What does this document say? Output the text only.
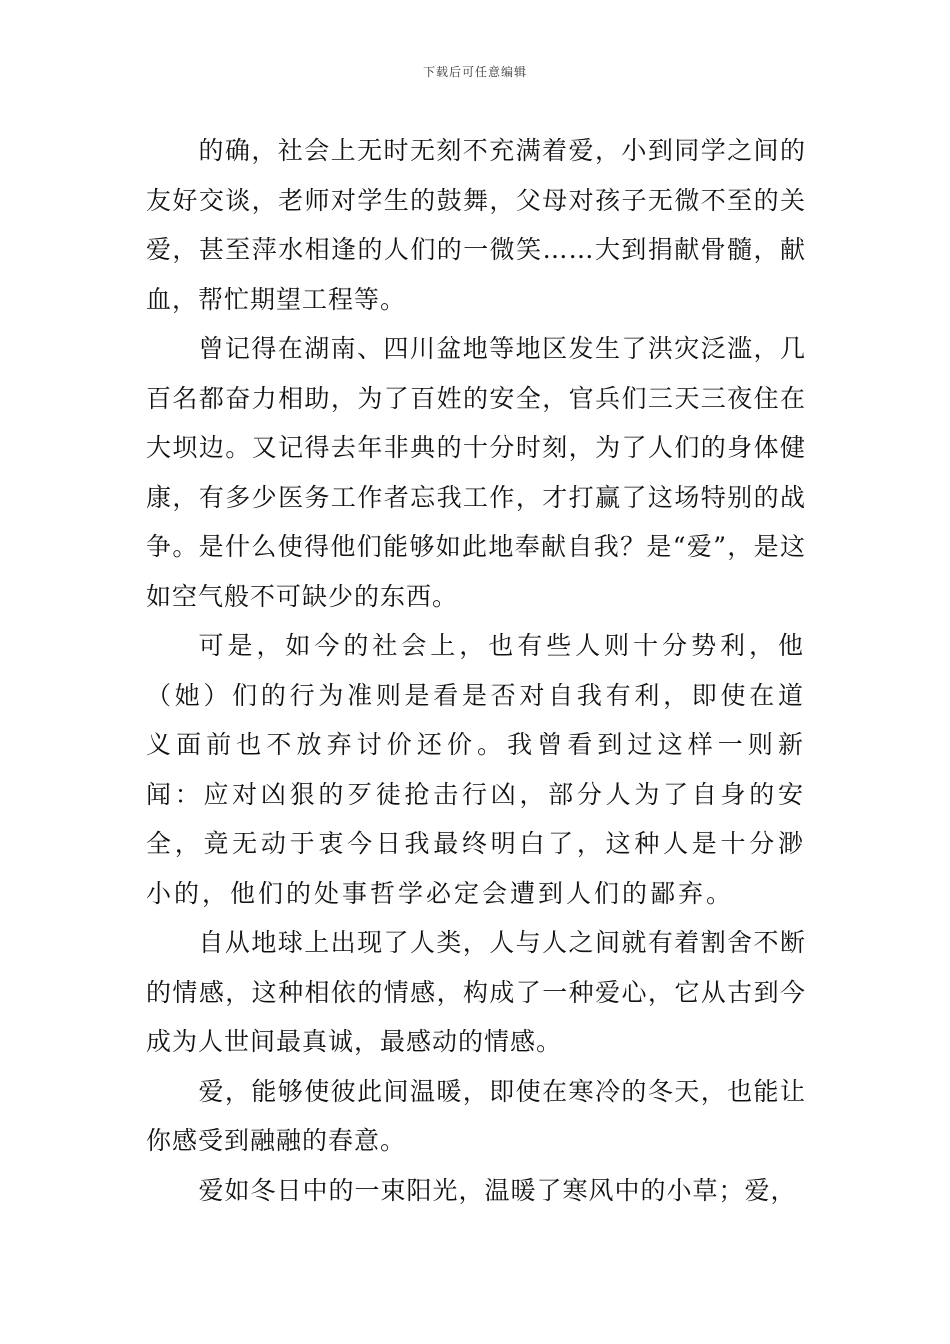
下载后可任意编辑

的确，社会上无时无刻不充满着爱，小到同学之间的友好交谈，老师对学生的鼓舞，父母对孩子无微不至的关爱，甚至萍水相逢的人们的一微笑……大到捐献骨髓，献血，帮忙期望工程等。

曾记得在湖南、四川盆地等地区发生了洪灾泛滥，几百名都奋力相助，为了百姓的安全，官兵们三天三夜住在大坝边。又记得去年非典的十分时刻，为了人们的身体健康，有多少医务工作者忘我工作，才打赢了这场特别的战争。是什么使得他们能够如此地奉献自我？是“爱”，是这如空气般不可缺少的东西。

可是，如今的社会上，也有些人则十分势利，他（她）们的行为准则是看是否对自我有利，即使在道义面前也不放弃讨价还价。我曾看到过这样一则新闻：应对凶狠的歹徒抢击行凶，部分人为了自身的安全，竟无动于衷今日我最终明白了，这种人是十分渺小的，他们的处事哲学必定会遭到人们的鄙弃。

自从地球上出现了人类，人与人之间就有着割舍不断的情感，这种相依的情感，构成了一种爱心，它从古到今成为人世间最真诚，最感动的情感。

爱，能够使彼此间温暖，即使在寒冷的冬天，也能让你感受到融融的春意。

爱如冬日中的一束阳光，温暖了寒风中的小草；爱，
